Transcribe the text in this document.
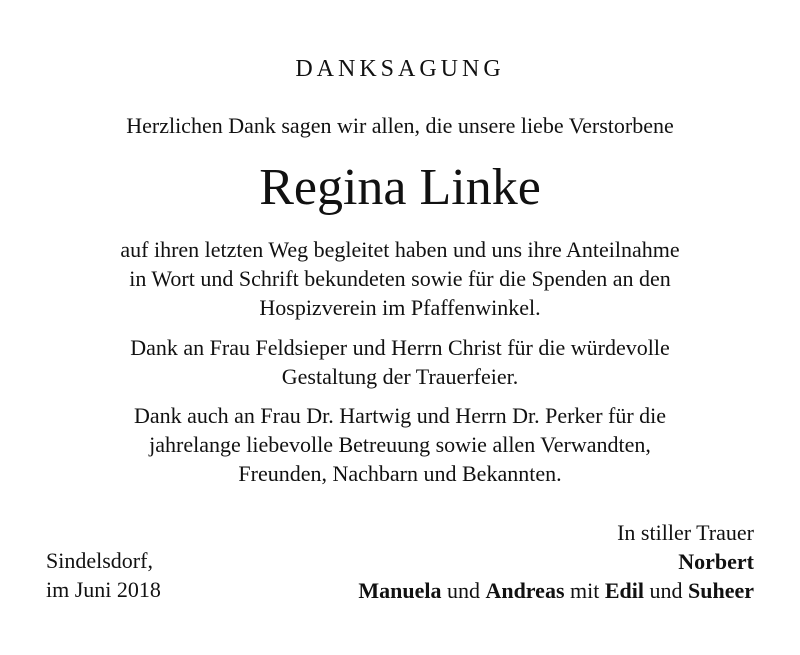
DANKSAGUNG
Herzlichen Dank sagen wir allen, die unsere liebe Verstorbene
Regina Linke
auf ihren letzten Weg begleitet haben und uns ihre Anteilnahme
in Wort und Schrift bekundeten sowie für die Spenden an den
Hospizverein im Pfaffenwinkel.
Dank an Frau Feldsieper und Herrn Christ für die würdevolle
Gestaltung der Trauerfeier.
Dank auch an Frau Dr. Hartwig und Herrn Dr. Perker für die
jahrelange liebevolle Betreuung sowie allen Verwandten,
Freunden, Nachbarn und Bekannten.
Sindelsdorf,
im Juni 2018
In stiller Trauer
Norbert
Manuela und Andreas mit Edil und Suheer
